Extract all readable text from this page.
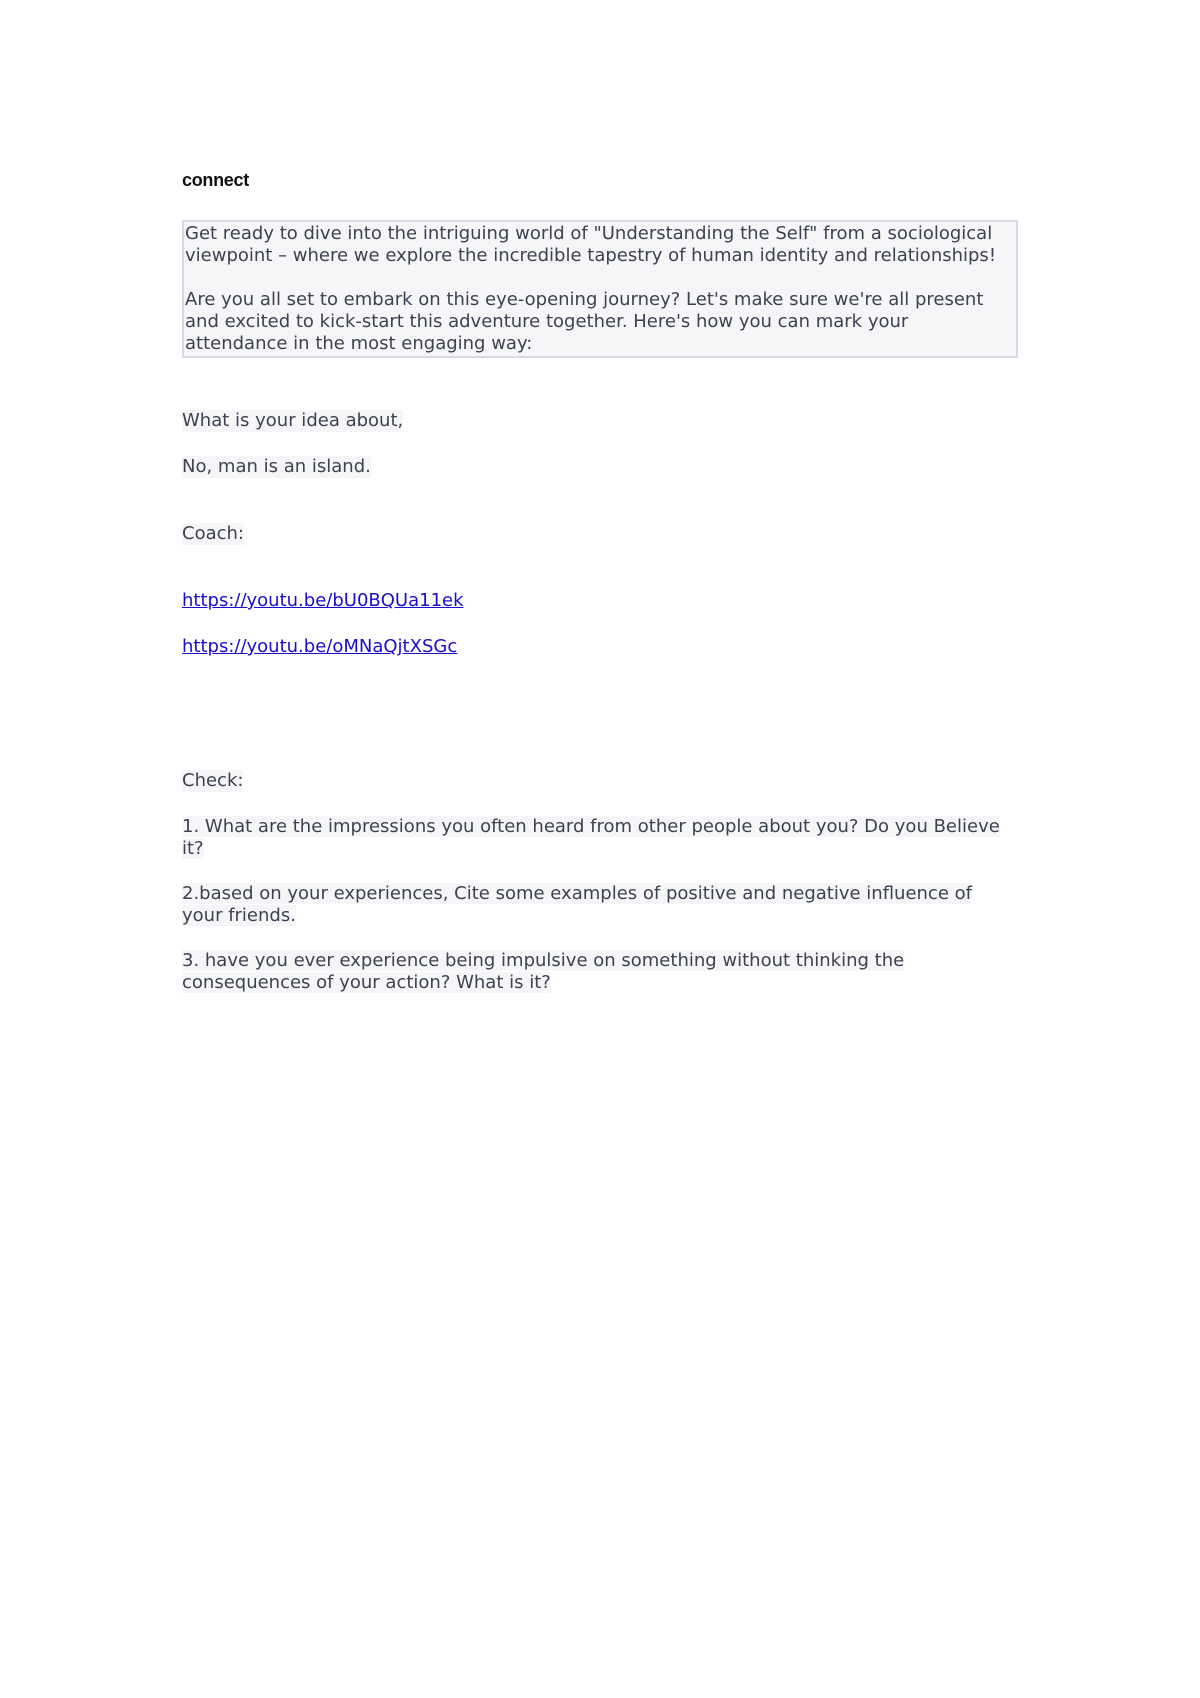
connect

Get ready to dive into the intriguing world of "Understanding the Self" from a sociological viewpoint – where we explore the incredible tapestry of human identity and relationships!

Are you all set to embark on this eye-opening journey? Let's make sure we're all present and excited to kick-start this adventure together. Here's how you can mark your attendance in the most engaging way:

What is your idea about,
No, man is an island.
Coach:
https://youtu.be/bU0BQUa11ek
https://youtu.be/oMNaQjtXSGc
Check:
1. What are the impressions you often heard from other people about you? Do you Believe it?
2.based on your experiences, Cite some examples of positive and negative influence of your friends.
3. have you ever experience being impulsive on something without thinking the consequences of your action? What is it?
